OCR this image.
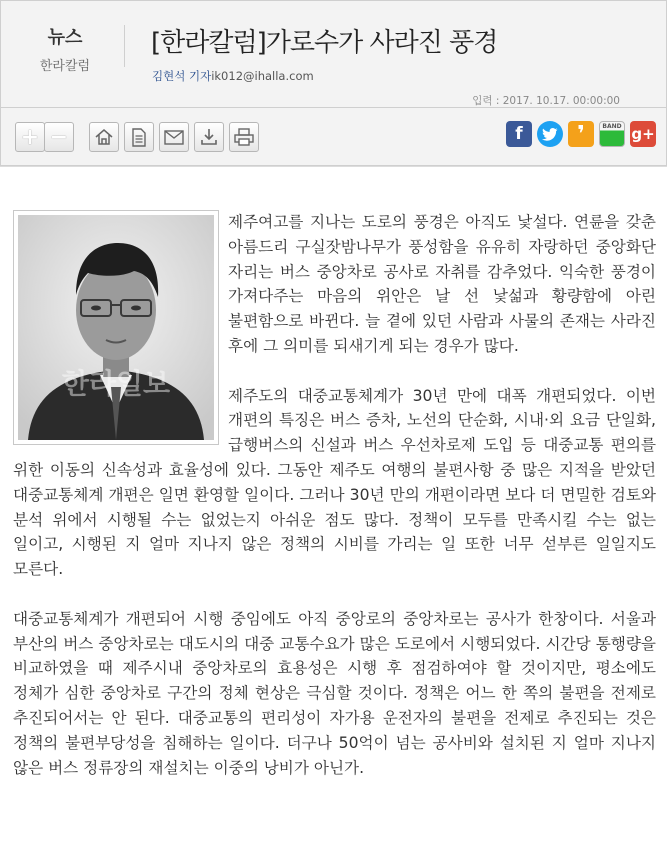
뉴스
한라칼럼
[한라칼럼]가로수가 사라진 풍경
김현석 기자ik012@ihalla.com
입력 : 2017. 10.17. 00:00:00
+ −	f ❜	BAND g+
한라일보

제주여고를 지나는 도로의 풍경은 아직도 낯설다. 연륜을 갖춘 아름드리 구실잣밤나무가 풍성함을 유유히 자랑하던 중앙화단 자리는 버스 중앙차로 공사로 자취를 감추었다. 익숙한 풍경이 가져다주는 마음의 위안은 날 선 낯섦과 황량함에 아린 불편함으로 바뀐다. 늘 곁에 있던 사람과 사물의 존재는 사라진 후에 그 의미를 되새기게 되는 경우가 많다.

제주도의 대중교통체계가 30년 만에 대폭 개편되었다. 이번 개편의 특징은 버스 증차, 노선의 단순화, 시내·외 요금 단일화, 급행버스의 신설과 버스 우선차로제 도입 등 대중교통 편의를 위한 이동의 신속성과 효율성에 있다. 그동안 제주도 여행의 불편사항 중 많은 지적을 받았던 대중교통체계 개편은 일면 환영할 일이다. 그러나 30년 만의 개편이라면 보다 더 면밀한 검토와 분석 위에서 시행될 수는 없었는지 아쉬운 점도 많다. 정책이 모두를 만족시킬 수는 없는 일이고, 시행된 지 얼마 지나지 않은 정책의 시비를 가리는 일 또한 너무 섣부른 일일지도 모른다.

대중교통체계가 개편되어 시행 중임에도 아직 중앙로의 중앙차로는 공사가 한창이다. 서울과 부산의 버스 중앙차로는 대도시의 대중 교통수요가 많은 도로에서 시행되었다. 시간당 통행량을 비교하였을 때 제주시내 중앙차로의 효용성은 시행 후 점검하여야 할 것이지만, 평소에도 정체가 심한 중앙차로 구간의 정체 현상은 극심할 것이다. 정책은 어느 한 쪽의 불편을 전제로 추진되어서는 안 된다. 대중교통의 편리성이 자가용 운전자의 불편을 전제로 추진되는 것은 정책의 불편부당성을 침해하는 일이다. 더구나 50억이 넘는 공사비와 설치된 지 얼마 지나지 않은 버스 정류장의 재설치는 이중의 낭비가 아닌가.
